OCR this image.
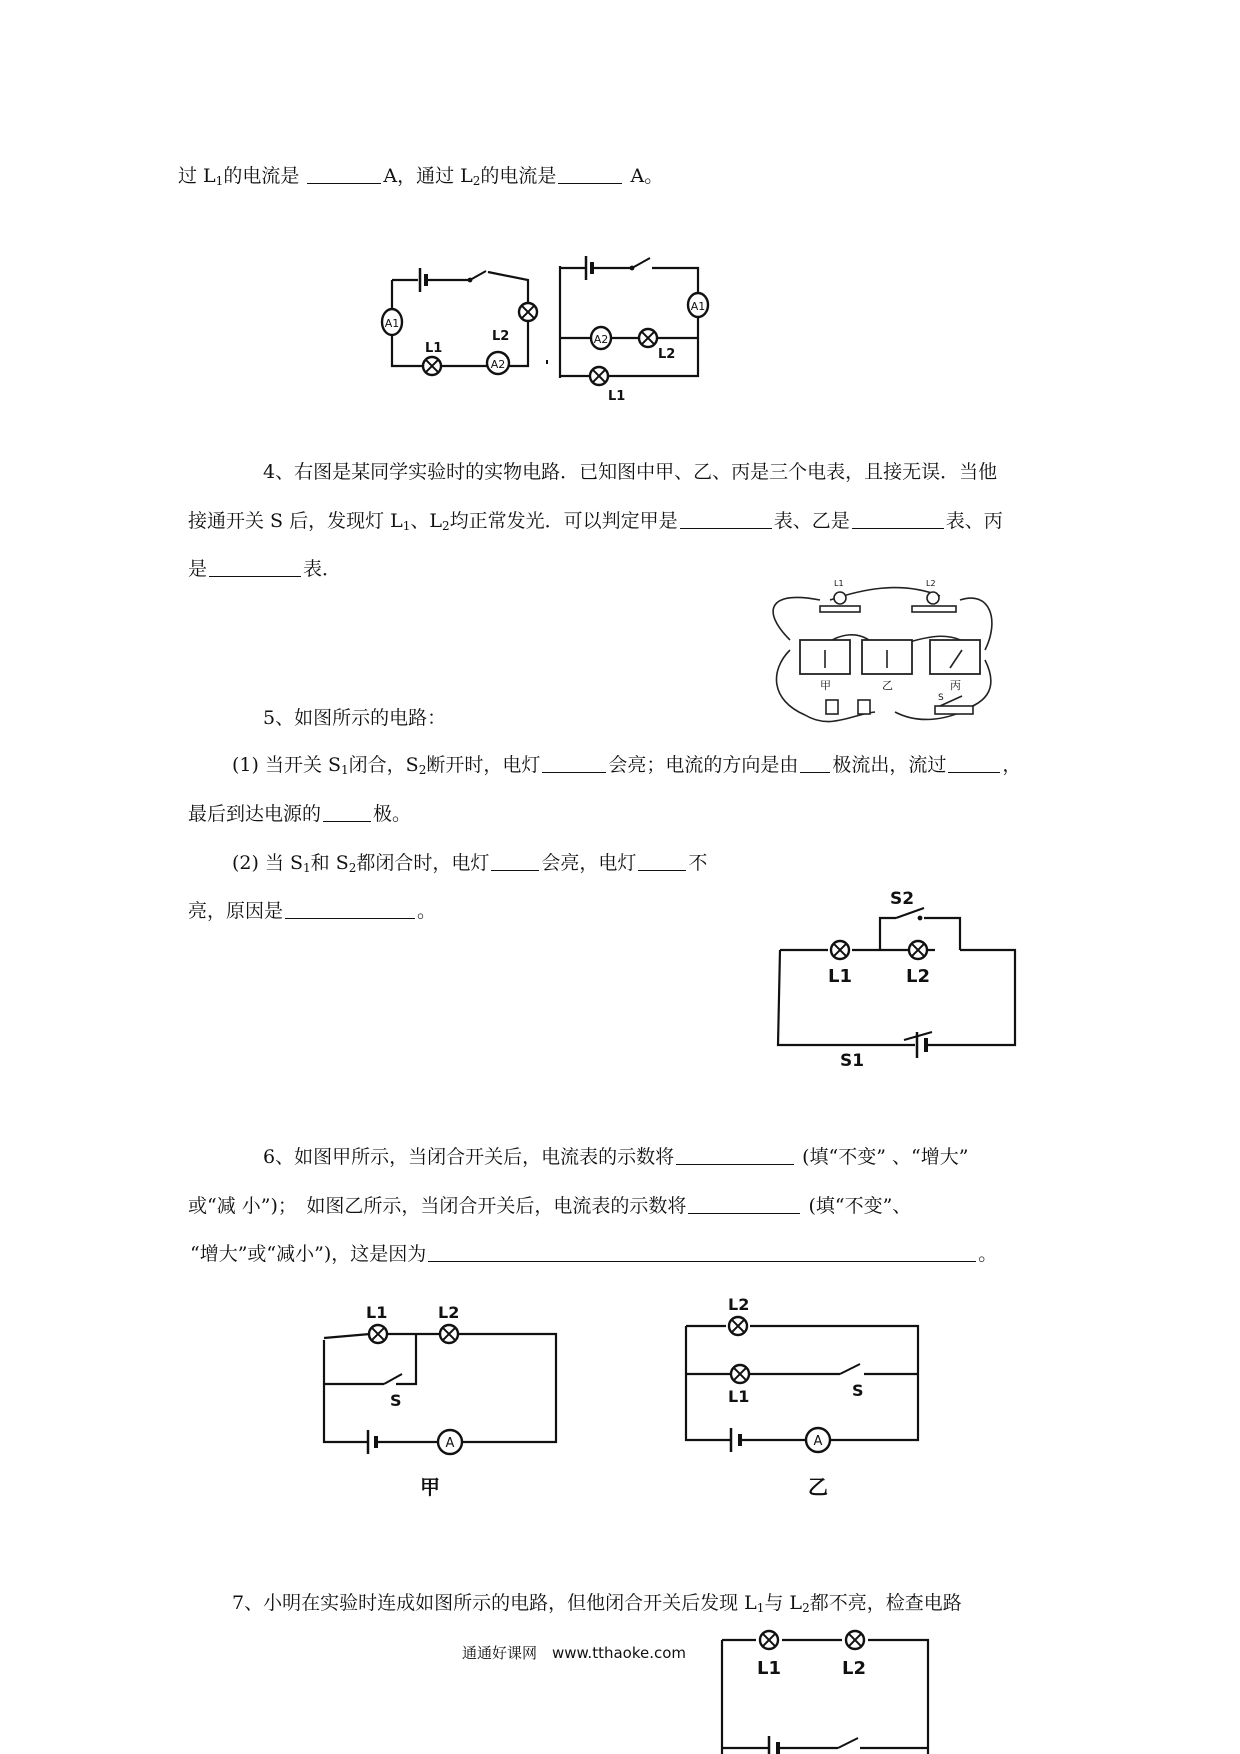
过 $L_1$的电流是	A，通过 $L_2$的电流是	A。
4、右图是某同学实验时的实物电路．已知图中甲、乙、丙是三个电表，且接无误．当他
接通开关 S 后，发现灯 $L_1$、$L_2$均正常发光．可以判定甲是	表、乙是	表、丙
是	表．
5、如图所示的电路：
(1) 当开关 $S_1$闭合，$S_2$断开时，电灯	会亮；电流的方向是由 极流出，流过	，
最后到达电源的	极。
(2) 当 $S_1$和 $S_2$都闭合时，电灯	会亮，电灯	不
亮，原因是	。
6、如图甲所示，当闭合开关后，电流表的示数将	(填“不变” 、“增大”
或“减 小”)；　如图乙所示，当闭合开关后，电流表的示数将	(填“不变”、
“增大”或“减小”)，这是因为	。
7、小明在实验时连成如图所示的电路，但他闭合开关后发现 $L_1$与 $L_2$都不亮，检查电路
通通好课网　www.tthaoke.com
A1
A2
L1
L2
A1
A2
L2
L1
甲	乙	丙
L1	L2
S
L1	L2
S2
S1
A
L1	L2
S
甲
A
L2
L1	S
乙
L1	L2
